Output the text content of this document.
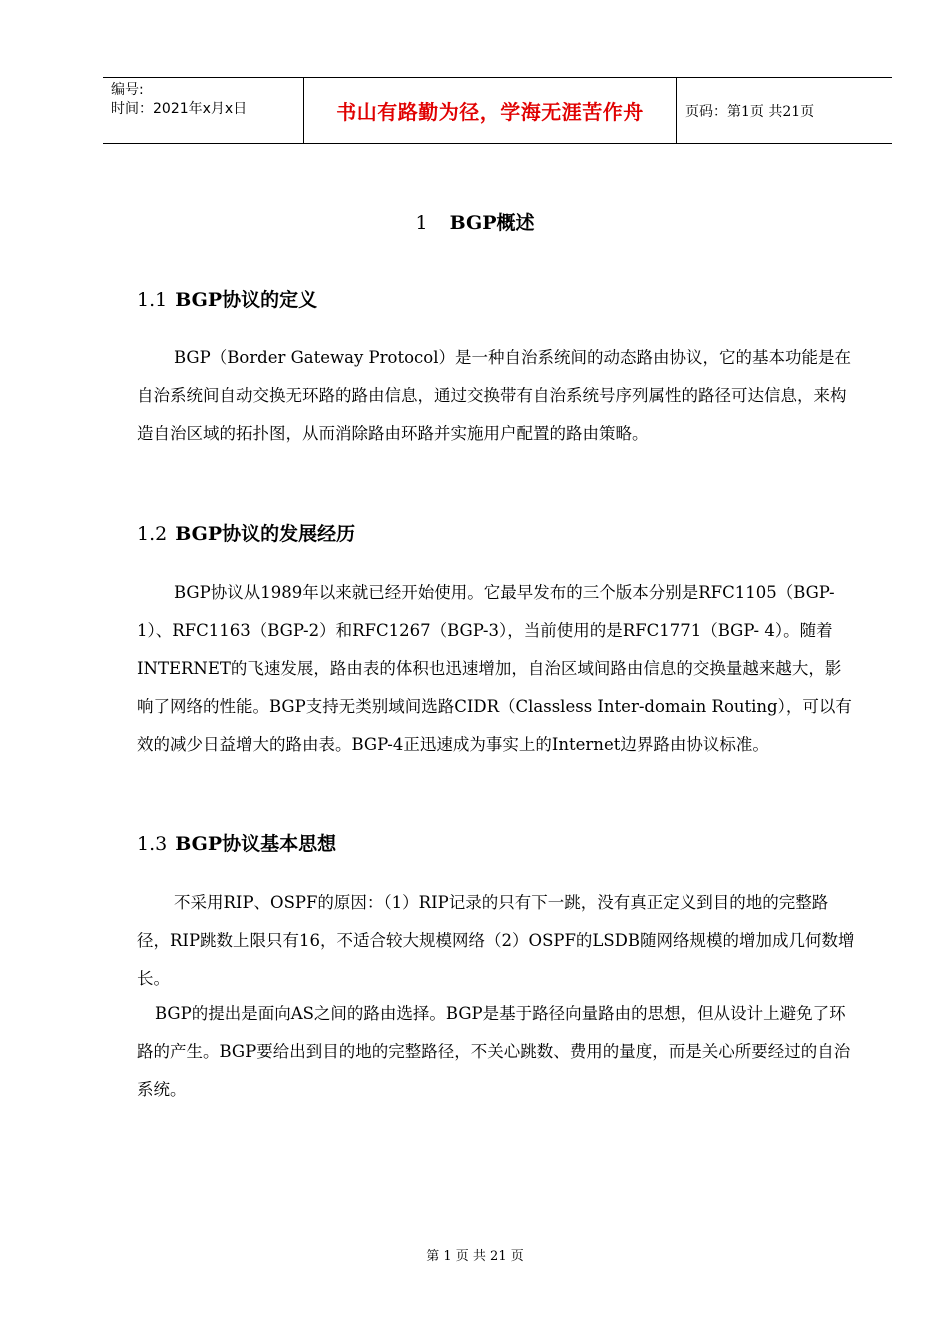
编号:
时间：2021年x月x日	书山有路勤为径，学海无涯苦作舟	页码：第1页 共21页
1 BGP概述
1.1 BGP协议的定义
BGP（Border Gateway Protocol）是一种自治系统间的动态路由协议，它的基本功能是在自治系统间自动交换无环路的路由信息，通过交换带有自治系统号序列属性的路径可达信息，来构造自治区域的拓扑图，从而消除路由环路并实施用户配置的路由策略。
1.2 BGP协议的发展经历
BGP协议从1989年以来就已经开始使用。它最早发布的三个版本分别是RFC1105（BGP-1）、RFC1163（BGP-2）和RFC1267（BGP-3），当前使用的是RFC1771（BGP- 4）。随着INTERNET的飞速发展，路由表的体积也迅速增加，自治区域间路由信息的交换量越来越大，影响了网络的性能。BGP支持无类别域间选路CIDR（Classless Inter-domain Routing），可以有效的减少日益增大的路由表。BGP-4正迅速成为事实上的Internet边界路由协议标准。
1.3 BGP协议基本思想
不采用RIP、OSPF的原因：（1）RIP记录的只有下一跳，没有真正定义到目的地的完整路径，RIP跳数上限只有16，不适合较大规模网络（2）OSPF的LSDB随网络规模的增加成几何数增长。
BGP的提出是面向AS之间的路由选择。BGP是基于路径向量路由的思想，但从设计上避免了环路的产生。BGP要给出到目的地的完整路径，不关心跳数、费用的量度，而是关心所要经过的自治系统。
第 1 页 共 21 页
